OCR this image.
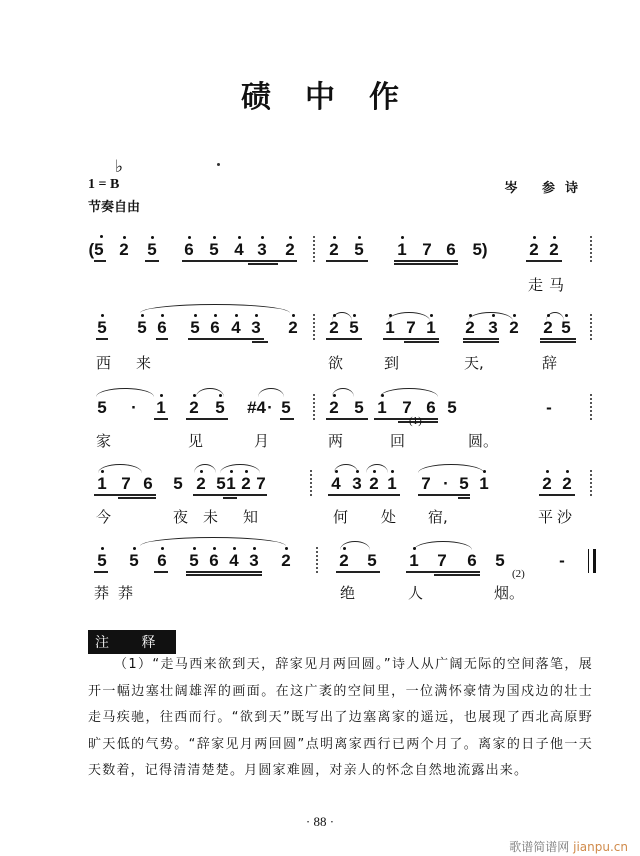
碛中作
♭
1 = B
节奏自由
岑 参诗
(5 2 5 6 5 4 3 2 2 5 1 7 6 5) 2 2
走 马
5 5 6 5 6 4 3 2 2 5 1 7 1 2 3 2 2 5
西 来	欲	到	天,	辞
5 · 1 2 5 #4 · 5 2 5 1 7 6 5	-
家	见	月	两	回	圆。
(1)
1 7 6 5 2 5 1 2 7	4 3 2 1 7 · 5 1	2 2
今	夜 未 知	何 处 宿,	平沙
5 5 6 5 6 4 3 2	2 5 1 7 6 5	-
莽 莽	绝	人	烟。
(2)
注 释

（1）“走马西来欲到天，辞家见月两回圆。”诗人从广阔无际的空间落笔，展开一幅边塞壮阔雄浑的画面。在这广袤的空间里，一位满怀豪情为国戍边的壮士走马疾驰，往西而行。“欲到天”既写出了边塞离家的遥远，也展现了西北高原野旷天低的气势。“辞家见月两回圆”点明离家西行已两个月了。离家的日子他一天天数着，记得清清楚楚。月圆家难圆，对亲人的怀念自然地流露出来。

· 88 ·
歌谱简谱网 jianpu.cn
